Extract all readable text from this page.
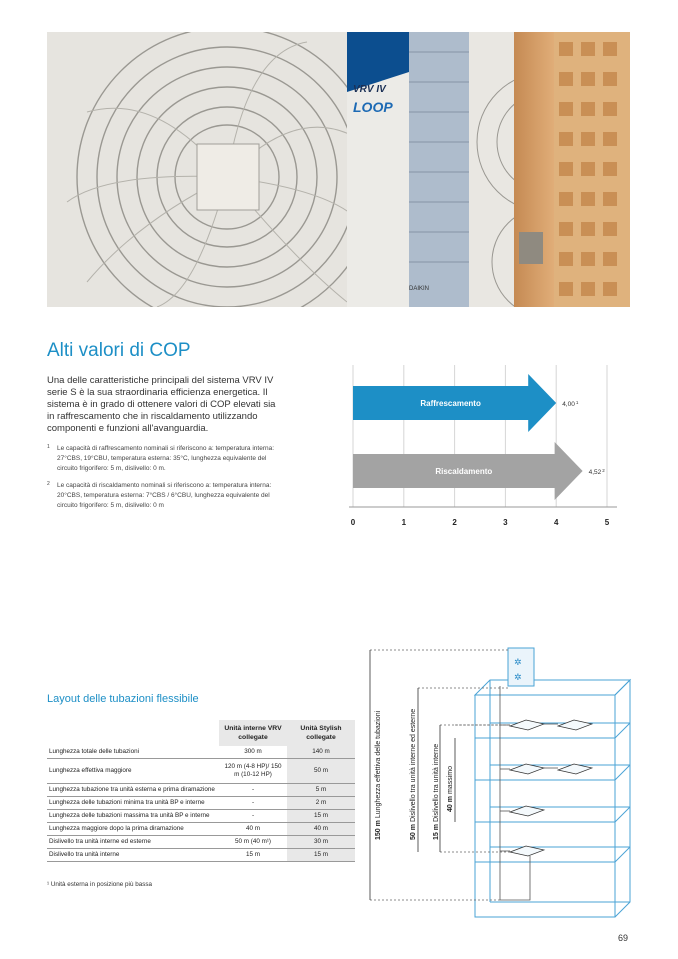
VRV IV
LOOP
DAIKIN
Alti valori di COP

Una delle caratteristiche principali del sistema VRV IV serie S è la sua straordinaria efficienza energetica. Il sistema è in grado di ottenere valori di COP elevati sia in raffrescamento che in riscaldamento utilizzando componenti e funzioni all'avanguardia.

1	Le capacità di raffrescamento nominali si riferiscono a: temperatura interna: 27°CBS, 19°CBU, temperatura esterna: 35°C, lunghezza equivalente del circuito frigorifero: 5 m, dislivello: 0 m.
2	Le capacità di riscaldamento nominali si riferiscono a: temperatura interna: 20°CBS, temperatura esterna: 7°CBS / 6°CBU, lunghezza equivalente del circuito frigorifero: 5 m, dislivello: 0 m
Raffrescamento	4,00$^1$
Riscaldamento	4,52$^2$
0	1	2	3	4	5
Layout delle tubazioni flessibile
	Unità interne VRV collegate	Unità Stylish collegate
Lunghezza totale delle tubazioni	300 m	140 m
Lunghezza effettiva maggiore	120 m (4-8 HP)/ 150 m (10-12 HP)	50 m
Lunghezza tubazione tra unità esterna e prima diramazione	-	5 m
Lunghezza delle tubazioni minima tra unità BP e interne	-	2 m
Lunghezza delle tubazioni massima tra unità BP e interne	-	15 m
Lunghezza maggiore dopo la prima diramazione	40 m	40 m
Dislivello tra unità interne ed esterne	50 m (40 m¹)	30 m
Dislivello tra unità interne	15 m	15 m
¹ Unità esterna in posizione più bassa
✲
✲
150 mLunghezza effettiva delle tubazioni
50 mDislivello tra unità interne ed esterne
15 mDislivello tra unità interne 40 mmassimo
69
